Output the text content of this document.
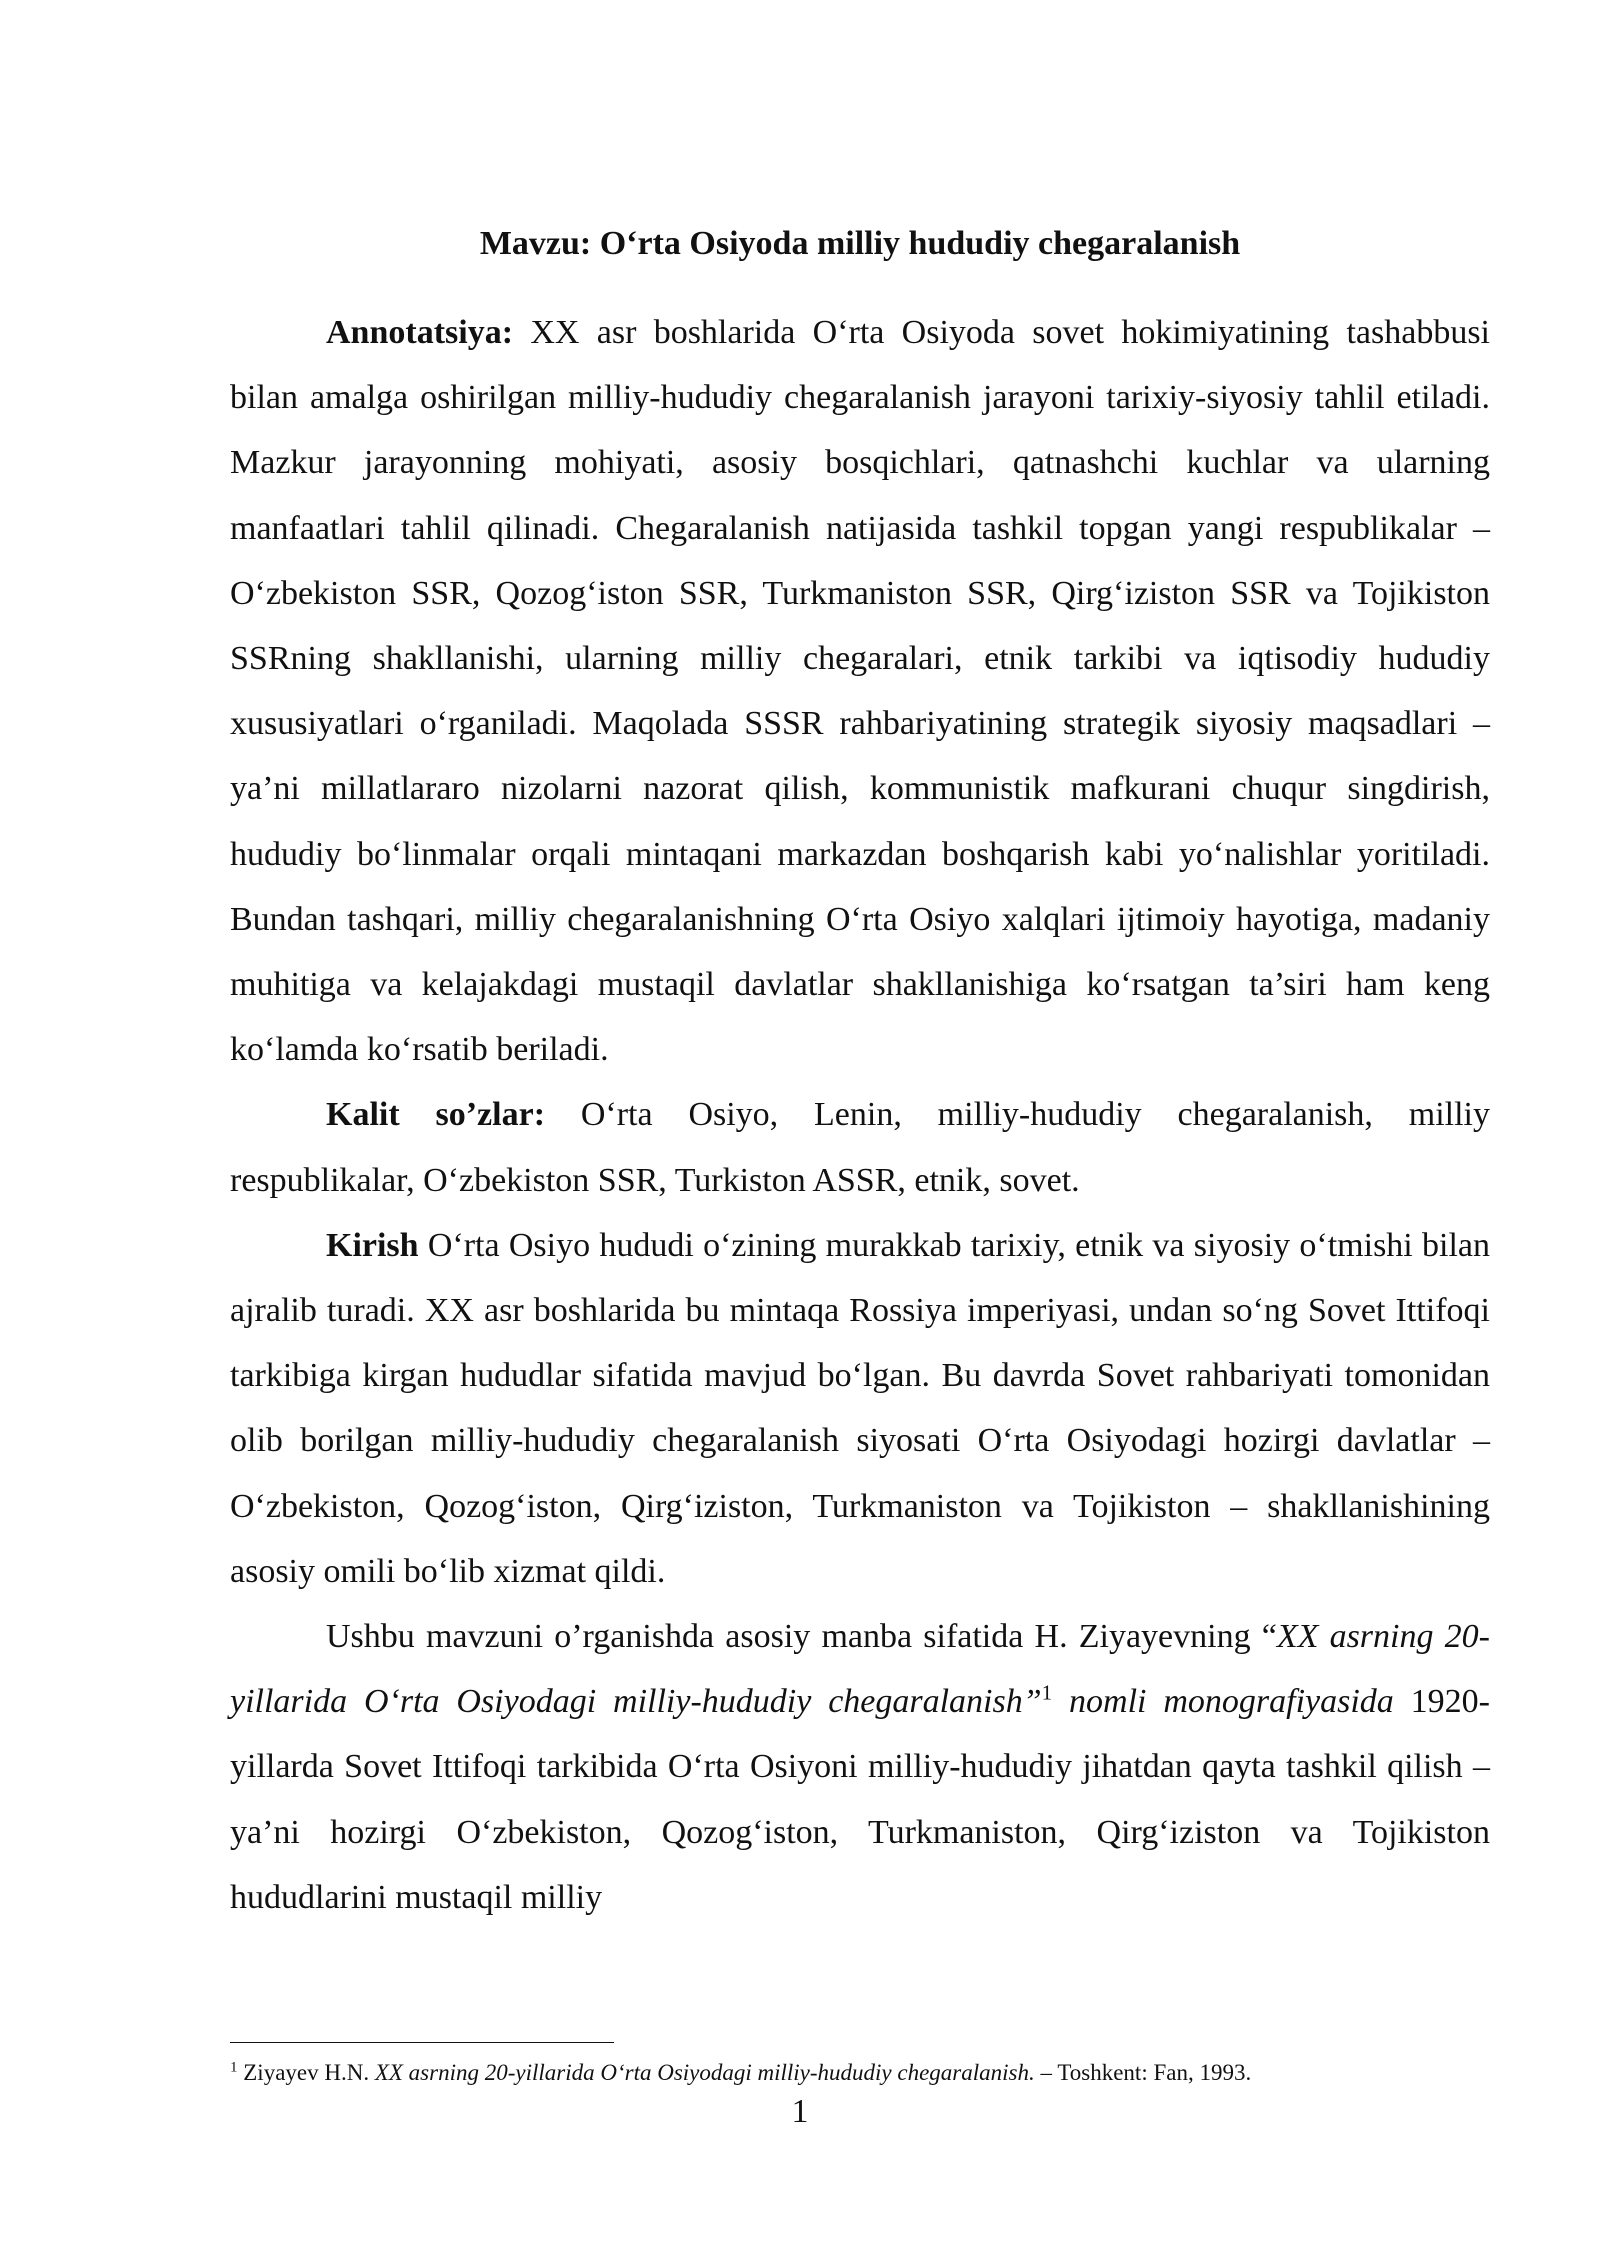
Mavzu: O‘rta Osiyoda milliy hududiy chegaralanish

Annotatsiya: XX asr boshlarida O‘rta Osiyoda sovet hokimiyatining tashabbusi bilan amalga oshirilgan milliy-hududiy chegaralanish jarayoni tarixiy-siyosiy tahlil etiladi. Mazkur jarayonning mohiyati, asosiy bosqichlari, qatnashchi kuchlar va ularning manfaatlari tahlil qilinadi. Chegaralanish natijasida tashkil topgan yangi respublikalar – O‘zbekiston SSR, Qozog‘iston SSR, Turkmaniston SSR, Qirg‘iziston SSR va Tojikiston SSRning shakllanishi, ularning milliy chegaralari, etnik tarkibi va iqtisodiy hududiy xususiyatlari o‘rganiladi. Maqolada SSSR rahbariyatining strategik siyosiy maqsadlari – ya’ni millatlararo nizolarni nazorat qilish, kommunistik mafkurani chuqur singdirish, hududiy bo‘linmalar orqali mintaqani markazdan boshqarish kabi yo‘nalishlar yoritiladi. Bundan tashqari, milliy chegaralanishning O‘rta Osiyo xalqlari ijtimoiy hayotiga, madaniy muhitiga va kelajakdagi mustaqil davlatlar shakllanishiga ko‘rsatgan ta’siri ham keng ko‘lamda ko‘rsatib beriladi.

Kalit so’zlar: O‘rta Osiyo, Lenin, milliy-hududiy chegaralanish, milliy respublikalar, O‘zbekiston SSR, Turkiston ASSR, etnik, sovet.

Kirish O‘rta Osiyo hududi o‘zining murakkab tarixiy, etnik va siyosiy o‘tmishi bilan ajralib turadi. XX asr boshlarida bu mintaqa Rossiya imperiyasi, undan so‘ng Sovet Ittifoqi tarkibiga kirgan hududlar sifatida mavjud bo‘lgan. Bu davrda Sovet rahbariyati tomonidan olib borilgan milliy-hududiy chegaralanish siyosati O‘rta Osiyodagi hozirgi davlatlar – O‘zbekiston, Qozog‘iston, Qirg‘iziston, Turkmaniston va Tojikiston – shakllanishining asosiy omili bo‘lib xizmat qildi.

Ushbu mavzuni o’rganishda asosiy manba sifatida H. Ziyayevning “XX asrning 20-yillarida O‘rta Osiyodagi milliy-hududiy chegaralanish”$^1$ nomli monografiyasida 1920-yillarda Sovet Ittifoqi tarkibida O‘rta Osiyoni milliy-hududiy jihatdan qayta tashkil qilish – ya’ni hozirgi O‘zbekiston, Qozog‘iston, Turkmaniston, Qirg‘iziston va Tojikiston hududlarini mustaqil milliy

$^1$ Ziyayev H.N. XX asrning 20-yillarida O‘rta Osiyodagi milliy-hududiy chegaralanish. – Toshkent: Fan, 1993.
1
